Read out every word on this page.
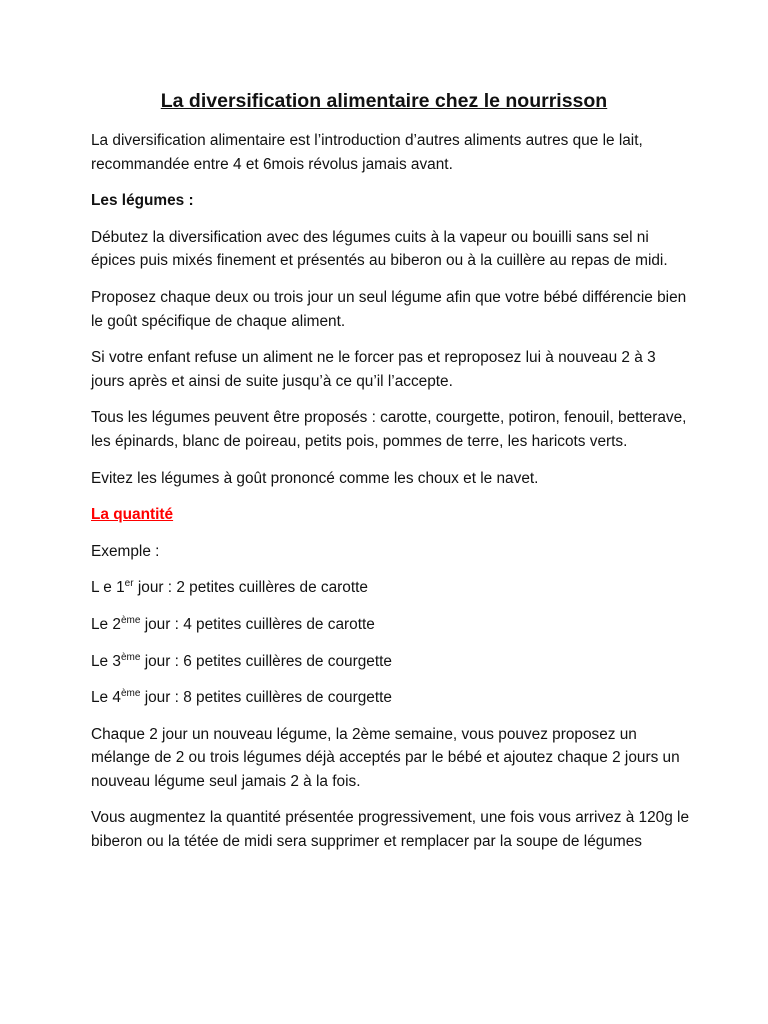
La diversification alimentaire chez le nourrisson

La diversification alimentaire est l’introduction d’autres aliments autres que le lait, recommandée entre 4 et 6mois révolus jamais avant.

Les légumes :

Débutez la diversification avec des légumes cuits à la vapeur ou bouilli sans sel ni épices puis mixés finement et présentés au biberon ou à la cuillère au repas de midi.

Proposez chaque deux ou trois jour un seul légume afin que votre bébé différencie bien le goût spécifique de chaque aliment.

Si votre enfant refuse un aliment ne le forcer pas et reproposez lui à nouveau 2 à 3 jours après et ainsi de suite jusqu’à ce qu’il l’accepte.

Tous les légumes peuvent être proposés : carotte, courgette, potiron, fenouil, betterave, les épinards, blanc de poireau, petits pois, pommes de terre, les haricots verts.

Evitez les légumes à goût prononcé comme les choux et le navet.

La quantité

Exemple :

L e 1er jour : 2 petites cuillères de carotte

Le 2ème jour : 4 petites cuillères de carotte

Le 3ème jour : 6 petites cuillères de courgette

Le 4ème jour : 8 petites cuillères de courgette

Chaque 2 jour un nouveau légume, la 2ème semaine, vous pouvez proposez un mélange de 2 ou trois légumes déjà acceptés par le bébé et ajoutez chaque 2 jours un nouveau légume seul jamais 2 à la fois.

Vous augmentez la quantité présentée progressivement, une fois vous arrivez à 120g le biberon ou la tétée de midi sera supprimer et remplacer par la soupe de légumes
